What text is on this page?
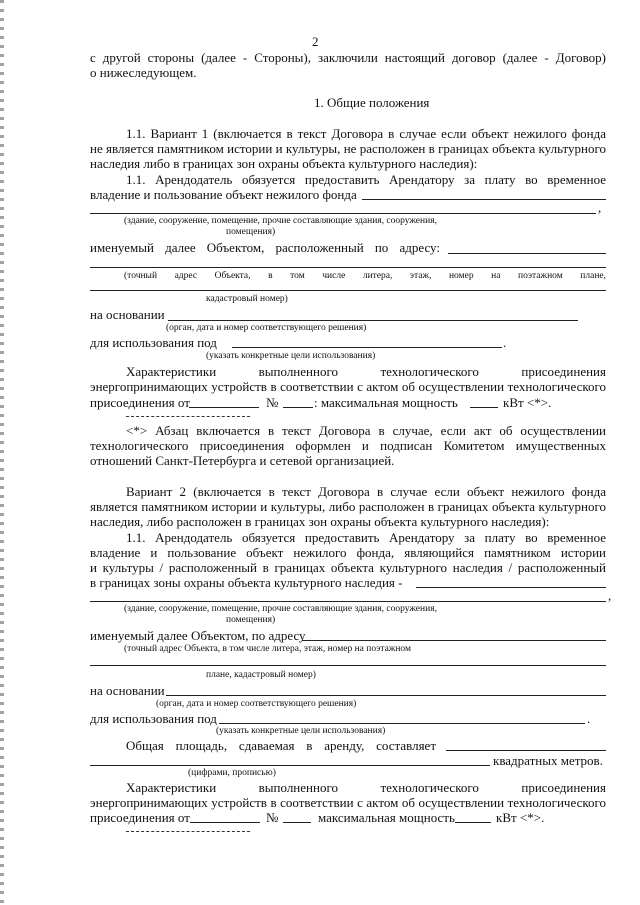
2
с другой стороны (далее - Стороны), заключили настоящий договор (далее - Договор)
о нижеследующем.
1. Общие положения
1.1. Вариант 1 (включается в текст Договора в случае если объект нежилого фонда
не является памятником истории и культуры, не расположен в границах объекта культурного
наследия либо в границах зон охраны объекта культурного наследия):
1.1. Арендодатель обязуется предоставить Арендатору за плату во временное
владение и пользование объект нежилого фонда
,
(здание, сооружение, помещение, прочие составляющие здания, сооружения,
помещения)
именуемый далее Объектом, расположенный по адресу:
(точный адрес Объекта, в том числе литера, этаж, номер на поэтажном плане,
кадастровый номер)
на основании
(орган, дата и номер соответствующего решения)
для использования под	.
(указать конкретные цели использования)
Характеристики выполненного технологического присоединения
энергопринимающих устройств в соответствии с актом об осуществлении технологического
присоединения от	№	: максимальная мощность	кВт <*>.
<*> Абзац включается в текст Договора в случае, если акт об осуществлении
технологического присоединения оформлен и подписан Комитетом имущественных
отношений Санкт-Петербурга и сетевой организацией.
Вариант 2 (включается в текст Договора в случае если объект нежилого фонда
является памятником истории и культуры, либо расположен в границах объекта культурного
наследия, либо расположен в границах зон охраны объекта культурного наследия):
1.1. Арендодатель обязуется предоставить Арендатору за плату во временное
владение и пользование объект нежилого фонда, являющийся памятником истории
и культуры / расположенный в границах объекта культурного наследия / расположенный
в границах зоны охраны объекта культурного наследия -
,
(здание, сооружение, помещение, прочие составляющие здания, сооружения,
помещения)
именуемый далее Объектом, по адресу
(точный адрес Объекта, в том числе литера, этаж, номер на поэтажном
плане, кадастровый номер)
на основании
(орган, дата и номер соответствующего решения)
для использования под	.
(указать конкретные цели использования)
Общая площадь, сдаваемая в аренду, составляет
квадратных метров.
(цифрами, прописью)
Характеристики выполненного технологического присоединения
энергопринимающих устройств в соответствии с актом об осуществлении технологического
присоединения от	№	максимальная мощность	кВт <*>.
